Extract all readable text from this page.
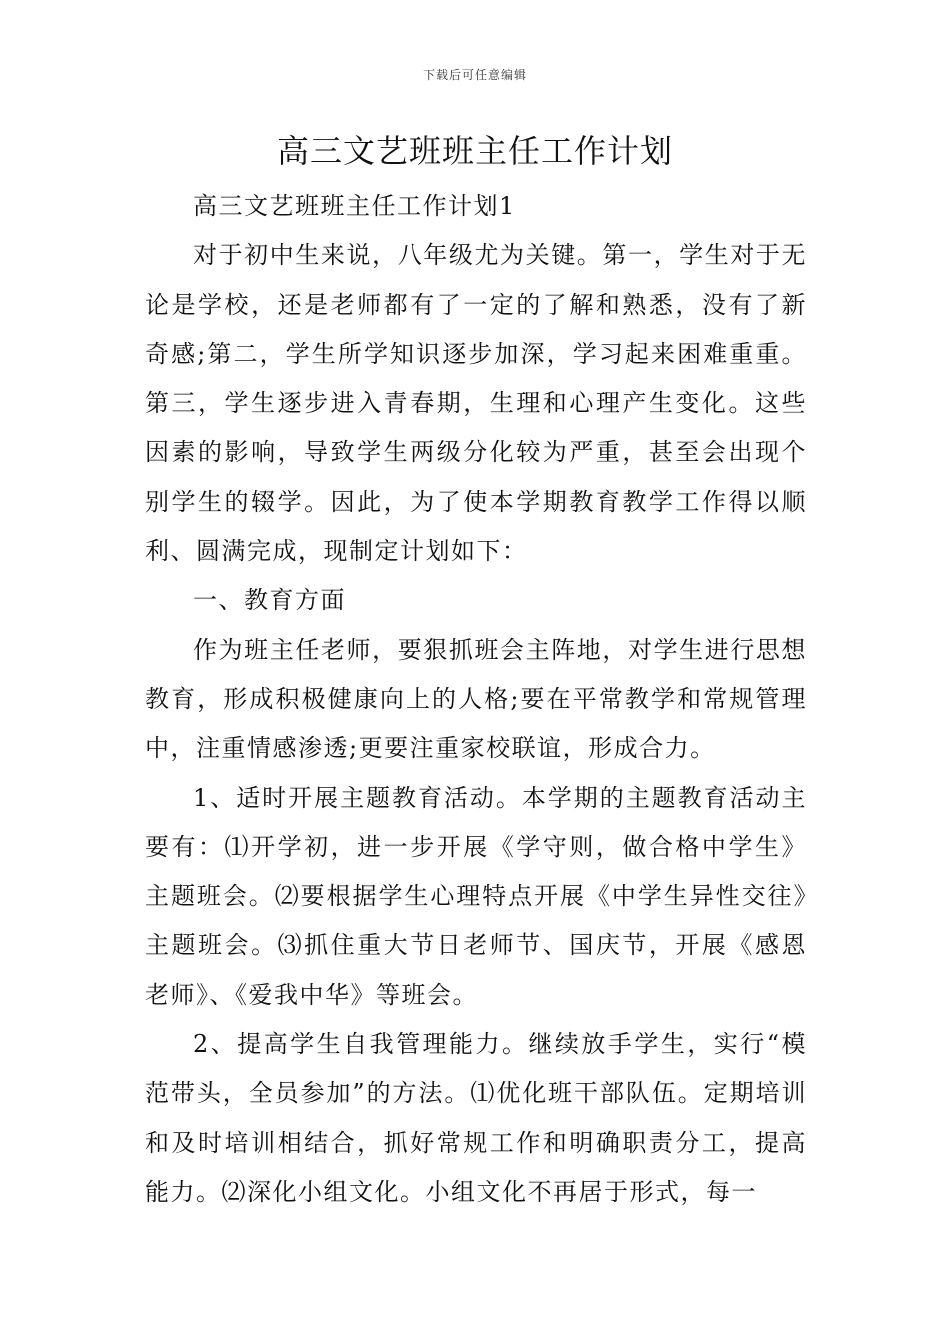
下载后可任意编辑
高三文艺班班主任工作计划

高三文艺班班主任工作计划1

对于初中生来说，八年级尤为关键。第一，学生对于无论是学校，还是老师都有了一定的了解和熟悉，没有了新奇感;第二，学生所学知识逐步加深，学习起来困难重重。第三，学生逐步进入青春期，生理和心理产生变化。这些因素的影响，导致学生两级分化较为严重，甚至会出现个别学生的辍学。因此，为了使本学期教育教学工作得以顺利、圆满完成，现制定计划如下：

一、教育方面

作为班主任老师，要狠抓班会主阵地，对学生进行思想教育，形成积极健康向上的人格;要在平常教学和常规管理中，注重情感渗透;更要注重家校联谊，形成合力。

1、适时开展主题教育活动。本学期的主题教育活动主要有：⑴开学初，进一步开展《学守则，做合格中学生》主题班会。⑵要根据学生心理特点开展《中学生异性交往》主题班会。⑶抓住重大节日老师节、国庆节，开展《感恩老师》、《爱我中华》等班会。

2、提高学生自我管理能力。继续放手学生，实行“模范带头，全员参加”的方法。⑴优化班干部队伍。定期培训和及时培训相结合，抓好常规工作和明确职责分工，提高能力。⑵深化小组文化。小组文化不再居于形式，每一
